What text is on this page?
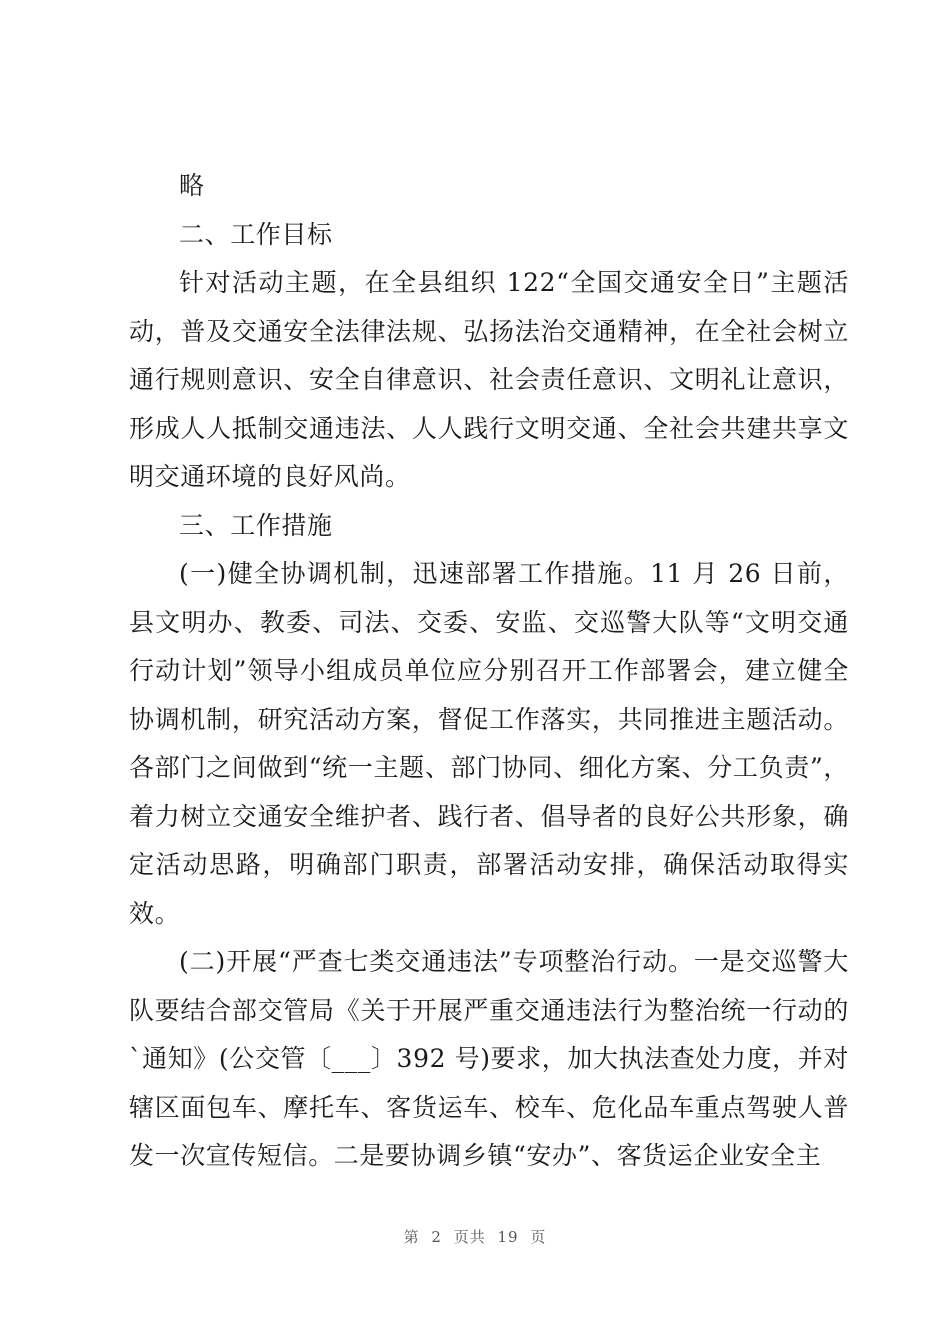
略

二、工作目标

针对活动主题，在全县组织 122“全国交通安全日”主题活动，普及交通安全法律法规、弘扬法治交通精神，在全社会树立通行规则意识、安全自律意识、社会责任意识、文明礼让意识，形成人人抵制交通违法、人人践行文明交通、全社会共建共享文明交通环境的良好风尚。

三、工作措施

(一)健全协调机制，迅速部署工作措施。11 月 26 日前，县文明办、教委、司法、交委、安监、交巡警大队等“文明交通行动计划”领导小组成员单位应分别召开工作部署会，建立健全协调机制，研究活动方案，督促工作落实，共同推进主题活动。各部门之间做到“统一主题、部门协同、细化方案、分工负责”，着力树立交通安全维护者、践行者、倡导者的良好公共形象，确定活动思路，明确部门职责，部署活动安排，确保活动取得实效。

(二)开展“严查七类交通违法”专项整治行动。一是交巡警大队要结合部交管局《关于开展严重交通违法行为整治统一行动的`通知》(公交管〔___〕392 号)要求，加大执法查处力度，并对辖区面包车、摩托车、客货运车、校车、危化品车重点驾驶人普发一次宣传短信。二是要协调乡镇“安办”、客货运企业安全主

第 2 页共 19 页
